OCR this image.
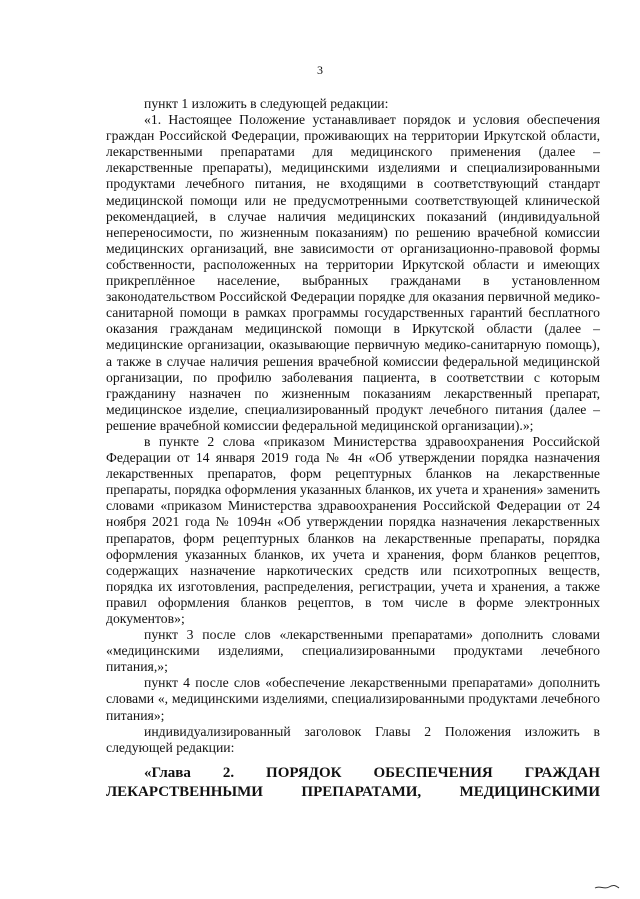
3

пункт 1 изложить в следующей редакции:

«1. Настоящее Положение устанавливает порядок и условия обеспечения граждан Российской Федерации, проживающих на территории Иркутской области, лекарственными препаратами для медицинского применения (далее – лекарственные препараты), медицинскими изделиями и специализированными продуктами лечебного питания, не входящими в соответствующий стандарт медицинской помощи или не предусмотренными соответствующей клинической рекомендацией, в случае наличия медицинских показаний (индивидуальной непереносимости, по жизненным показаниям) по решению врачебной комиссии медицинских организаций, вне зависимости от организационно-правовой формы собственности, расположенных на территории Иркутской области и имеющих прикреплённое население, выбранных гражданами в установленном законодательством Российской Федерации порядке для оказания первичной медико-санитарной помощи в рамках программы государственных гарантий бесплатного оказания гражданам медицинской помощи в Иркутской области (далее – медицинские организации, оказывающие первичную медико-санитарную помощь), а также в случае наличия решения врачебной комиссии федеральной медицинской организации, по профилю заболевания пациента, в соответствии с которым гражданину назначен по жизненным показаниям лекарственный препарат, медицинское изделие, специализированный продукт лечебного питания (далее – решение врачебной комиссии федеральной медицинской организации).»;

в пункте 2 слова «приказом Министерства здравоохранения Российской Федерации от 14 января 2019 года № 4н «Об утверждении порядка назначения лекарственных препаратов, форм рецептурных бланков на лекарственные препараты, порядка оформления указанных бланков, их учета и хранения» заменить словами «приказом Министерства здравоохранения Российской Федерации от 24 ноября 2021 года № 1094н «Об утверждении порядка назначения лекарственных препаратов, форм рецептурных бланков на лекарственные препараты, порядка оформления указанных бланков, их учета и хранения, форм бланков рецептов, содержащих назначение наркотических средств или психотропных веществ, порядка их изготовления, распределения, регистрации, учета и хранения, а также правил оформления бланков рецептов, в том числе в форме электронных документов»;

пункт 3 после слов «лекарственными препаратами» дополнить словами «медицинскими изделиями, специализированными продуктами лечебного питания,»;

пункт 4 после слов «обеспечение лекарственными препаратами» дополнить словами «, медицинскими изделиями, специализированными продуктами лечебного питания»;

индивидуализированный заголовок Главы 2 Положения изложить в следующей редакции:

«Глава 2. ПОРЯДОК ОБЕСПЕЧЕНИЯ ГРАЖДАН

ЛЕКАРСТВЕННЫМИ ПРЕПАРАТАМИ, МЕДИЦИНСКИМИ
